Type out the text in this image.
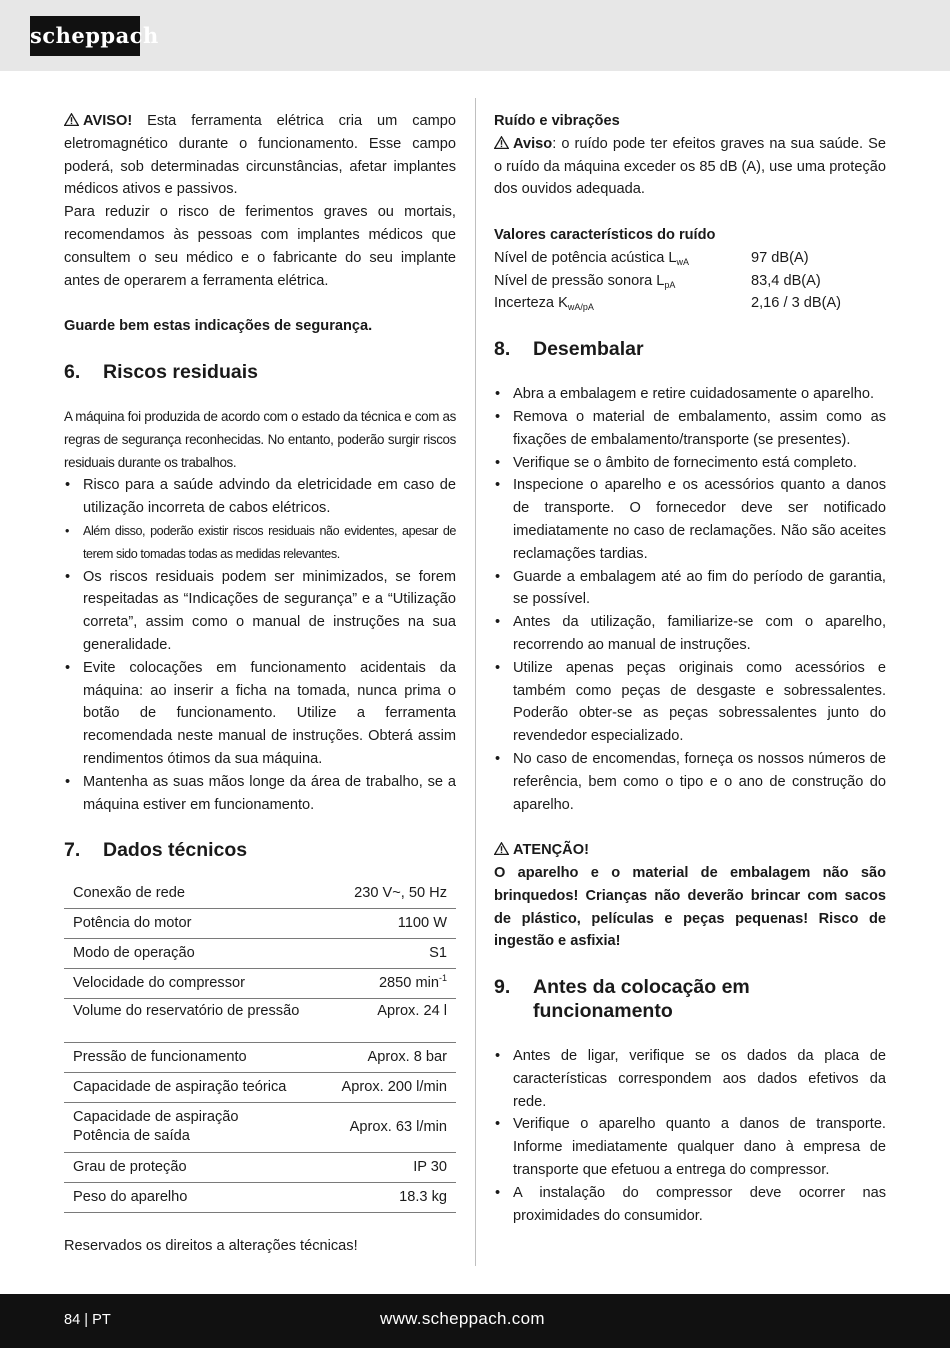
scheppach

AVISO! Esta ferramenta elétrica cria um campo eletromagnético durante o funcionamento. Esse campo poderá, sob determinadas circunstâncias, afetar implantes médicos ativos e passivos.

Para reduzir o risco de ferimentos graves ou mortais, recomendamos às pessoas com implantes médicos que consultem o seu médico e o fabricante do seu implante antes de operarem a ferramenta elétrica.

Guarde bem estas indicações de segurança.

6.	Riscos residuais

A máquina foi produzida de acordo com o estado da técnica e com as regras de segurança reconhecidas. No entanto, poderão surgir riscos residuais durante os trabalhos.

• Risco para a saúde advindo da eletricidade em caso de utilização incorreta de cabos elétricos.
• Além disso, poderão existir riscos residuais não evidentes, apesar de terem sido tomadas todas as medidas relevantes.
• Os riscos residuais podem ser minimizados, se forem respeitadas as “Indicações de segurança” e a “Utilização correta”, assim como o manual de instruções na sua generalidade.
• Evite colocações em funcionamento acidentais da máquina: ao inserir a ficha na tomada, nunca prima o botão de funcionamento. Utilize a ferramenta recomendada neste manual de instruções. Obterá assim rendimentos ótimos da sua máquina.
• Mantenha as suas mãos longe da área de trabalho, se a máquina estiver em funcionamento.
7.	Dados técnicos
Conexão de rede	230 V~, 50 Hz
Potência do motor	1100 W
Modo de operação	S1
Velocidade do compressor	2850 $\min^{-1}$
Volume do reservatório de pressão	Aprox. 24 l
Pressão de funcionamento	Aprox. 8 bar
Capacidade de aspiração teórica	Aprox. 200 l/min

Capacidade de aspiração
Potência de saída	Aprox. 63 l/min
Grau de proteção	IP 30
Peso do aparelho	18.3 kg

Reservados os direitos a alterações técnicas!

Ruído e vibrações

Aviso: o ruído pode ter efeitos graves na sua saúde. Se o ruído da máquina exceder os 85 dB (A), use uma proteção dos ouvidos adequada.

Valores característicos do ruído

Nível de potência acústica $L_{wA}$	97 dB(A)
Nível de pressão sonora $L_{pA}$	83,4 dB(A)
Incerteza $K_{wA/pA}$	2,16 / 3 dB(A)
8.	Desembalar
• Abra a embalagem e retire cuidadosamente o aparelho.
• Remova o material de embalamento, assim como as fixações de embalamento/transporte (se presentes).
• Verifique se o âmbito de fornecimento está completo.
• Inspecione o aparelho e os acessórios quanto a danos de transporte. O fornecedor deve ser notificado imediatamente no caso de reclamações. Não são aceites reclamações tardias.
• Guarde a embalagem até ao fim do período de garantia, se possível.
• Antes da utilização, familiarize-se com o aparelho, recorrendo ao manual de instruções.
• Utilize apenas peças originais como acessórios e também como peças de desgaste e sobressalentes. Poderão obter-se as peças sobressalentes junto do revendedor especializado.
• No caso de encomendas, forneça os nossos números de referência, bem como o tipo e o ano de construção do aparelho.

ATENÇÃO!

O aparelho e o material de embalagem não são brinquedos! Crianças não deverão brincar com sacos de plástico, películas e peças pequenas! Risco de ingestão e asfixia!

9.	Antes da colocação em funcionamento
• Antes de ligar, verifique se os dados da placa de características correspondem aos dados efetivos da rede.
• Verifique o aparelho quanto a danos de transporte. Informe imediatamente qualquer dano à empresa de transporte que efetuou a entrega do compressor.
• A instalação do compressor deve ocorrer nas proximidades do consumidor.
84 | PT	www.scheppach.com
